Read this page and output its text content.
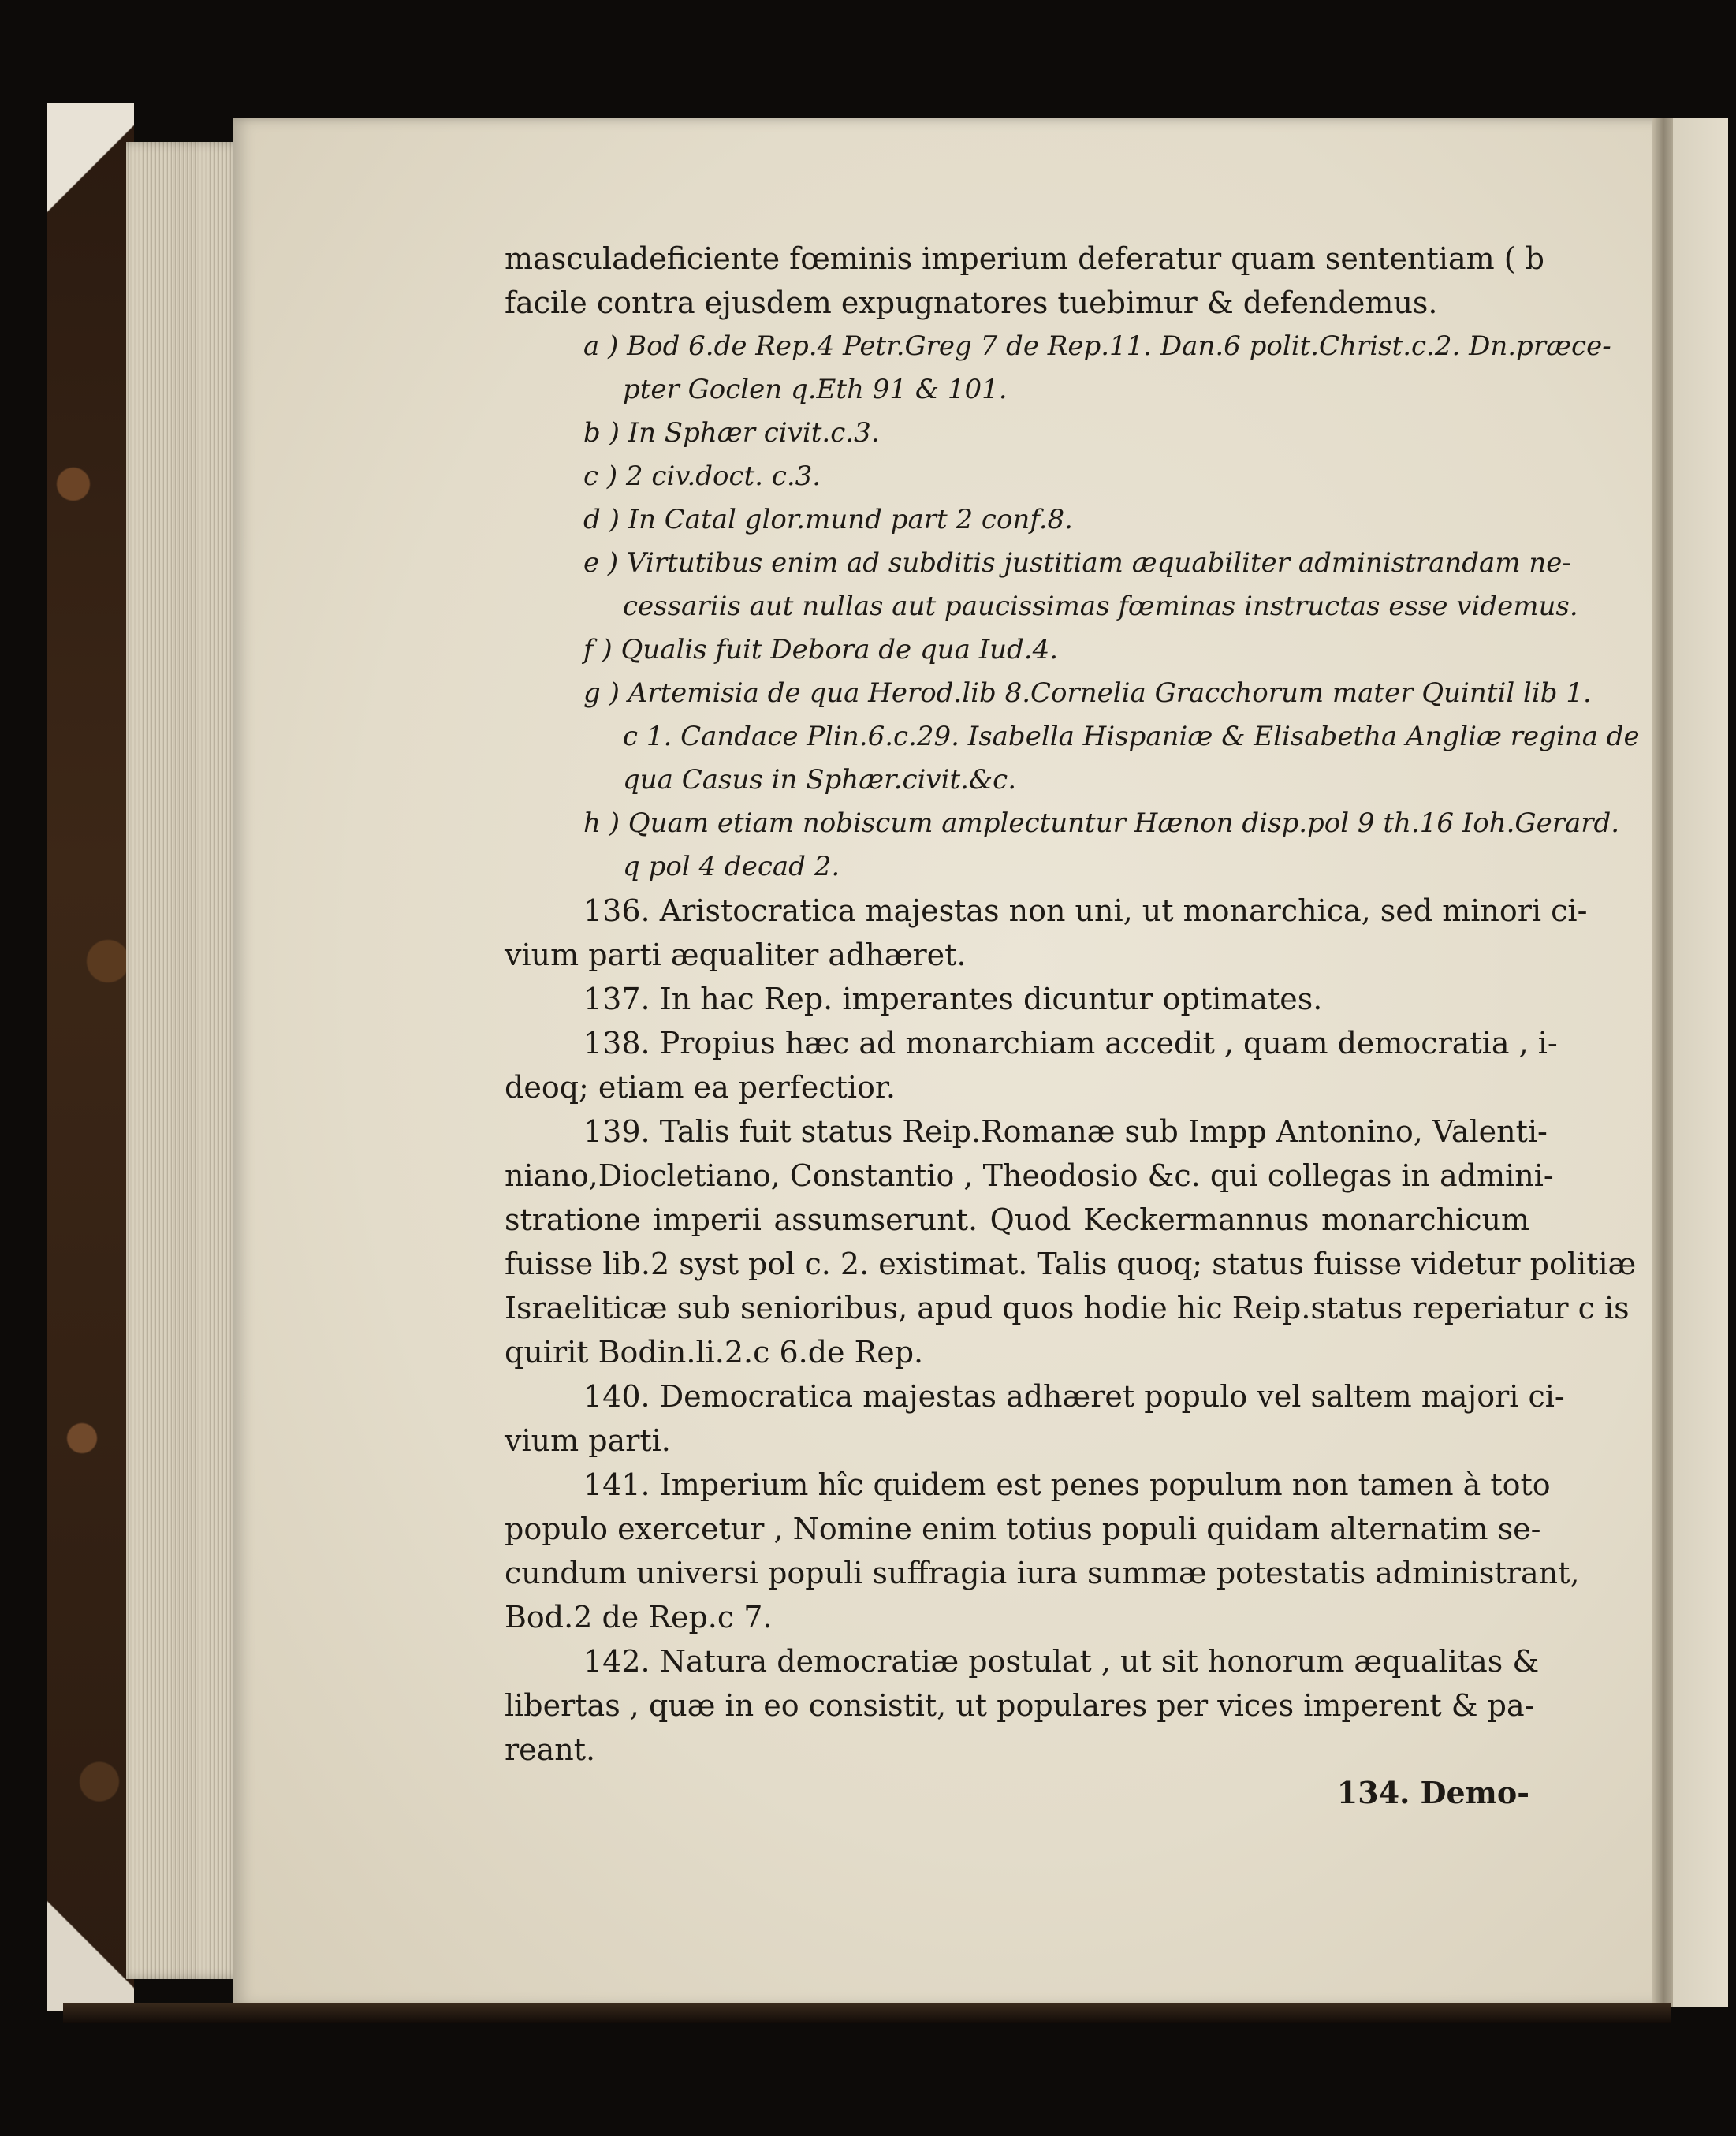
masculadeficiente fœminis imperium deferatur quam sententiam ( b
facile contra ejusdem expugnatores tuebimur & defendemus.
a ) Bod 6.de Rep.4 Petr.Greg 7 de Rep.11. Dan.6 polit.Christ.c.2. Dn.præce-
pter Goclen q.Eth 91 & 101.
b ) In Sphær civit.c.3.
c ) 2 civ.doct. c.3.
d ) In Catal glor.mund part 2 conf.8.
e ) Virtutibus enim ad subditis justitiam æquabiliter administrandam ne-
cessariis aut nullas aut paucissimas fœminas instructas esse videmus.
f ) Qualis fuit Debora de qua Iud.4.
g ) Artemisia de qua Herod.lib 8.Cornelia Gracchorum mater Quintil lib 1.
c 1. Candace Plin.6.c.29. Isabella Hispaniæ & Elisabetha Angliæ regina de
qua Casus in Sphær.civit.&c.
h ) Quam etiam nobiscum amplectuntur Hænon disp.pol 9 th.16 Ioh.Gerard.
q pol 4 decad 2.
136. Aristocratica majestas non uni, ut monarchica, sed minori ci-
vium parti æqualiter adhæret.
137. In hac Rep. imperantes dicuntur optimates.
138. Propius hæc ad monarchiam accedit , quam democratia , i-
deoq; etiam ea perfectior.
139. Talis fuit status Reip.Romanæ sub Impp Antonino, Valenti-
niano,Diocletiano, Constantio , Theodosio &c. qui collegas in admini-
stratione imperii assumserunt. Quod Keckermannus monarchicum
fuisse lib.2 syst pol c. 2. existimat. Talis quoq; status fuisse videtur politiæ
Israeliticæ sub senioribus, apud quos hodie hic Reip.status reperiatur c is
quirit Bodin.li.2.c 6.de Rep.
140. Democratica majestas adhæret populo vel saltem majori ci-
vium parti.
141. Imperium hîc quidem est penes populum non tamen à toto
populo exercetur , Nomine enim totius populi quidam alternatim se-
cundum universi populi suffragia iura summæ potestatis administrant,
Bod.2 de Rep.c 7.
142. Natura democratiæ postulat , ut sit honorum æqualitas &
libertas , quæ in eo consistit, ut populares per vices imperent & pa-
reant.
134. Demo-
